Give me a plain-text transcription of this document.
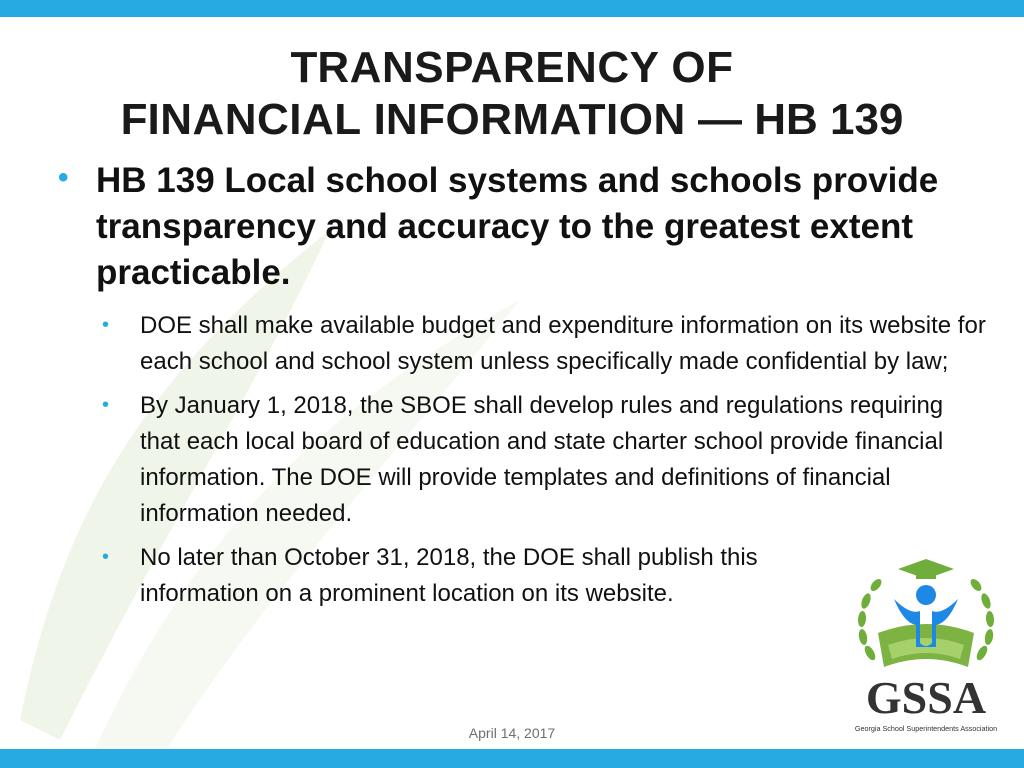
TRANSPARENCY OF
FINANCIAL INFORMATION — HB 139
• HB 139 Local school systems and schools provide transparency and accuracy to the greatest extent practicable.
•	DOE shall make available budget and expenditure information on its website for each school and school system unless specifically made confidential by law;
•	By January 1, 2018, the SBOE shall develop rules and regulations requiring that each local board of education and state charter school provide financial information. The DOE will provide templates and definitions of financial information needed.
•	No later than October 31, 2018, the DOE shall publish this information on a prominent location on its website.
GSSA
Georgia School Superintendents Association
April 14, 2017
